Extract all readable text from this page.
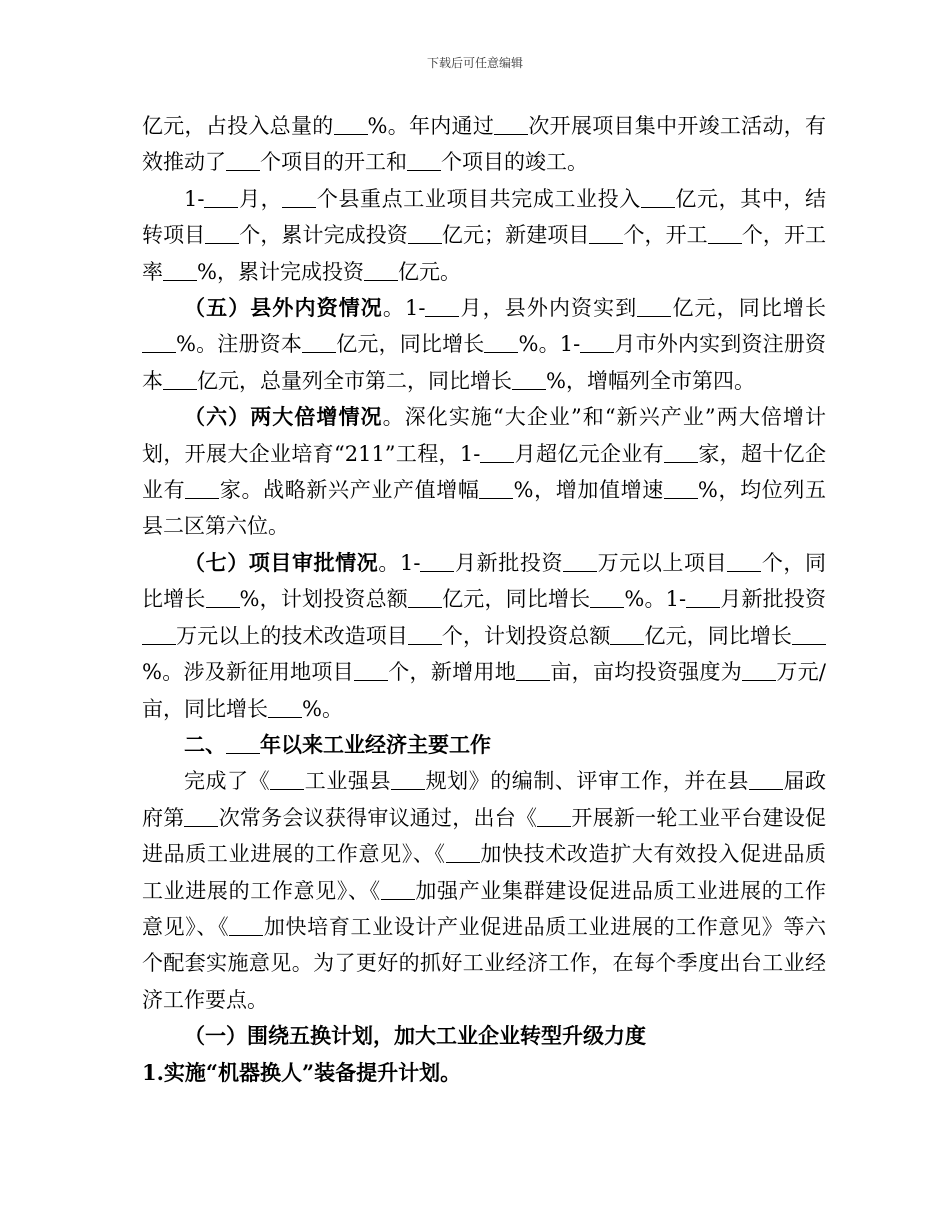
下载后可任意编辑

亿元，占投入总量的 %。年内通过 次开展项目集中开竣工活动，有效推动了 个项目的开工和 个项目的竣工。

1- 月， 个县重点工业项目共完成工业投入 亿元，其中，结转项目 个，累计完成投资 亿元；新建项目 个，开工 个，开工率 %，累计完成投资 亿元。

（五）县外内资情况。1- 月，县外内资实到 亿元，同比增长%。注册资本 亿元，同比增长 %。1- 月市外内实到资注册资本 亿元，总量列全市第二，同比增长 %，增幅列全市第四。

（六）两大倍增情况。深化实施“大企业”和“新兴产业”两大倍增计划，开展大企业培育“211”工程，1- 月超亿元企业有 家，超十亿企业有 家。战略新兴产业产值增幅 %，增加值增速 %，均位列五县二区第六位。

（七）项目审批情况。1- 月新批投资 万元以上项目 个，同比增长 %，计划投资总额 亿元，同比增长 %。1- 月新批投资万元以上的技术改造项目 个，计划投资总额 亿元，同比增长%。涉及新征用地项目 个，新增用地 亩，亩均投资强度为 万元/亩，同比增长 %。

二、 年以来工业经济主要工作

完成了《 工业强县 规划》的编制、评审工作，并在县 届政府第 次常务会议获得审议通过，出台《 开展新一轮工业平台建设促进品质工业进展的工作意见》、《 加快技术改造扩大有效投入促进品质工业进展的工作意见》、《 加强产业集群建设促进品质工业进展的工作意见》、《 加快培育工业设计产业促进品质工业进展的工作意见》等六个配套实施意见。为了更好的抓好工业经济工作，在每个季度出台工业经济工作要点。

（一）围绕五换计划，加大工业企业转型升级力度

1.实施“机器换人”装备提升计划。
